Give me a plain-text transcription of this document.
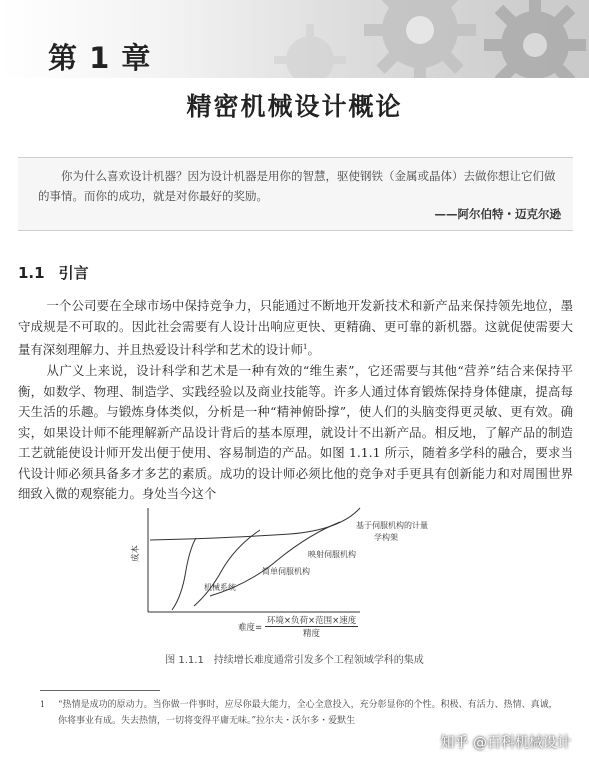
第 1 章
精密机械设计概论
你为什么喜欢设计机器？因为设计机器是用你的智慧，驱使钢铁（金属或晶体）去做你想让它们做的事情。而你的成功，就是对你最好的奖励。
——阿尔伯特・迈克尔逊
1.1 引言

一个公司要在全球市场中保持竞争力，只能通过不断地开发新技术和新产品来保持领先地位，墨守成规是不可取的。因此社会需要有人设计出响应更快、更精确、更可靠的新机器。这就促使需要大量有深刻理解力、并且热爱设计科学和艺术的设计师$^1$。

从广义上来说，设计科学和艺术是一种有效的“维生素”，它还需要与其他“营养”结合来保持平衡，如数学、物理、制造学、实践经验以及商业技能等。许多人通过体育锻炼保持身体健康，提高每天生活的乐趣。与锻炼身体类似，分析是一种“精神俯卧撑”，使人们的头脑变得更灵敏、更有效。确实，如果设计师不能理解新产品设计背后的基本原理，就设计不出新产品。相反地，了解产品的制造工艺就能使设计师开发出便于使用、容易制造的产品。如图 1.1.1 所示，随着多学科的融合，要求当代设计师必须具备多才多艺的素质。成功的设计师必须比他的竞争对手更具有创新能力和对周围世界细致入微的观察能力。身处当今这个

成本
机械系统
简单伺服机构
映射伺服机构
基于伺服机构的计量
学构架
难度=
环境×负荷×范围×速度
精度
图 1.1.1　持续增长难度通常引发多个工程领域学科的集成
1 “热情是成功的原动力。当你做一件事时，应尽你最大能力，全心全意投入，充分彰显你的个性。积极、有活力、热情、真诚，你将事业有成。失去热情，一切将变得平庸无味。”拉尔夫・沃尔多・爱默生
知乎 @百科机械设计
